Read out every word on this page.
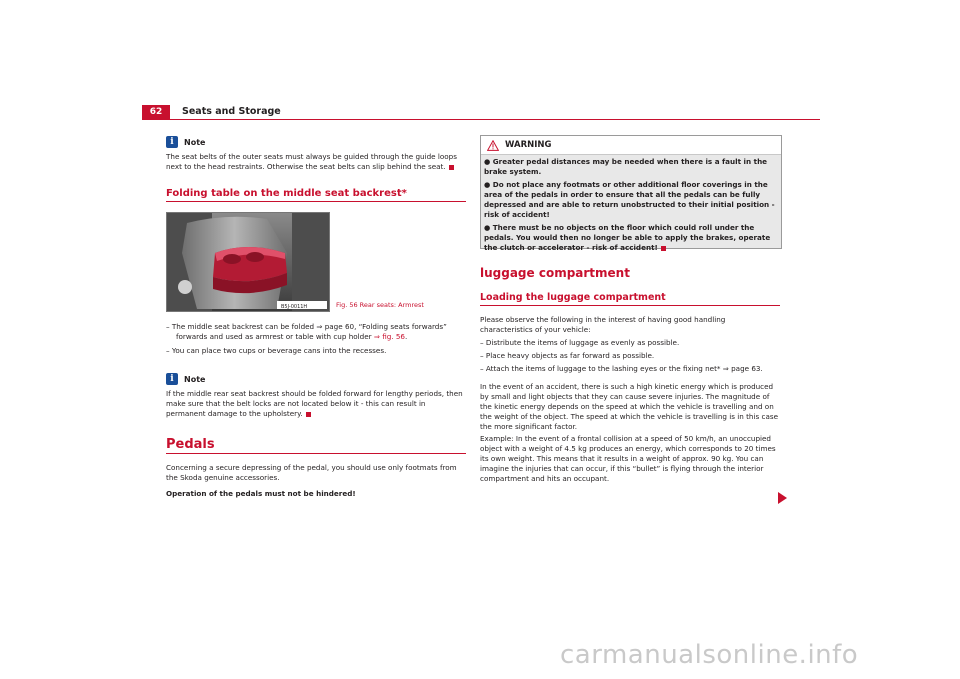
62	Seats and Storage
i	Note
The seat belts of the outer seats must always be guided through the guide loops next to the head restraints. Otherwise the seat belts can slip behind the seat.
Folding table on the middle seat backrest*
B5J-0011H	Fig. 56 Rear seats: Armrest
– The middle seat backrest can be folded ⇒ page 60, “Folding seats forwards” forwards and used as armrest or table with cup holder ⇒ fig. 56.
– You can place two cups or beverage cans into the recesses.
i	Note
If the middle rear seat backrest should be folded forward for lengthy periods, then make sure that the belt locks are not located below it - this can result in permanent damage to the upholstery.
Pedals
Concerning a secure depressing of the pedal, you should use only footmats from the Skoda genuine accessories.
Operation of the pedals must not be hindered!
WARNING
● Greater pedal distances may be needed when there is a fault in the brake system.
● Do not place any footmats or other additional floor coverings in the area of the pedals in order to ensure that all the pedals can be fully depressed and are able to return unobstructed to their initial position - risk of accident!
● There must be no objects on the floor which could roll under the pedals. You would then no longer be able to apply the brakes, operate the clutch or accelerator - risk of accident!
luggage compartment
Loading the luggage compartment
Please observe the following in the interest of having good handling characteristics of your vehicle:
– Distribute the items of luggage as evenly as possible.
– Place heavy objects as far forward as possible.
– Attach the items of luggage to the lashing eyes or the fixing net* ⇒ page 63.
In the event of an accident, there is such a high kinetic energy which is produced by small and light objects that they can cause severe injuries. The magnitude of the kinetic energy depends on the speed at which the vehicle is travelling and on the weight of the object. The speed at which the vehicle is travelling is in this case the more significant factor.
Example: In the event of a frontal collision at a speed of 50 km/h, an unoccupied object with a weight of 4.5 kg produces an energy, which corresponds to 20 times its own weight. This means that it results in a weight of approx. 90 kg. You can imagine the injuries that can occur, if this “bullet” is flying through the interior compartment and hits an occupant.
carmanualsonline.info
